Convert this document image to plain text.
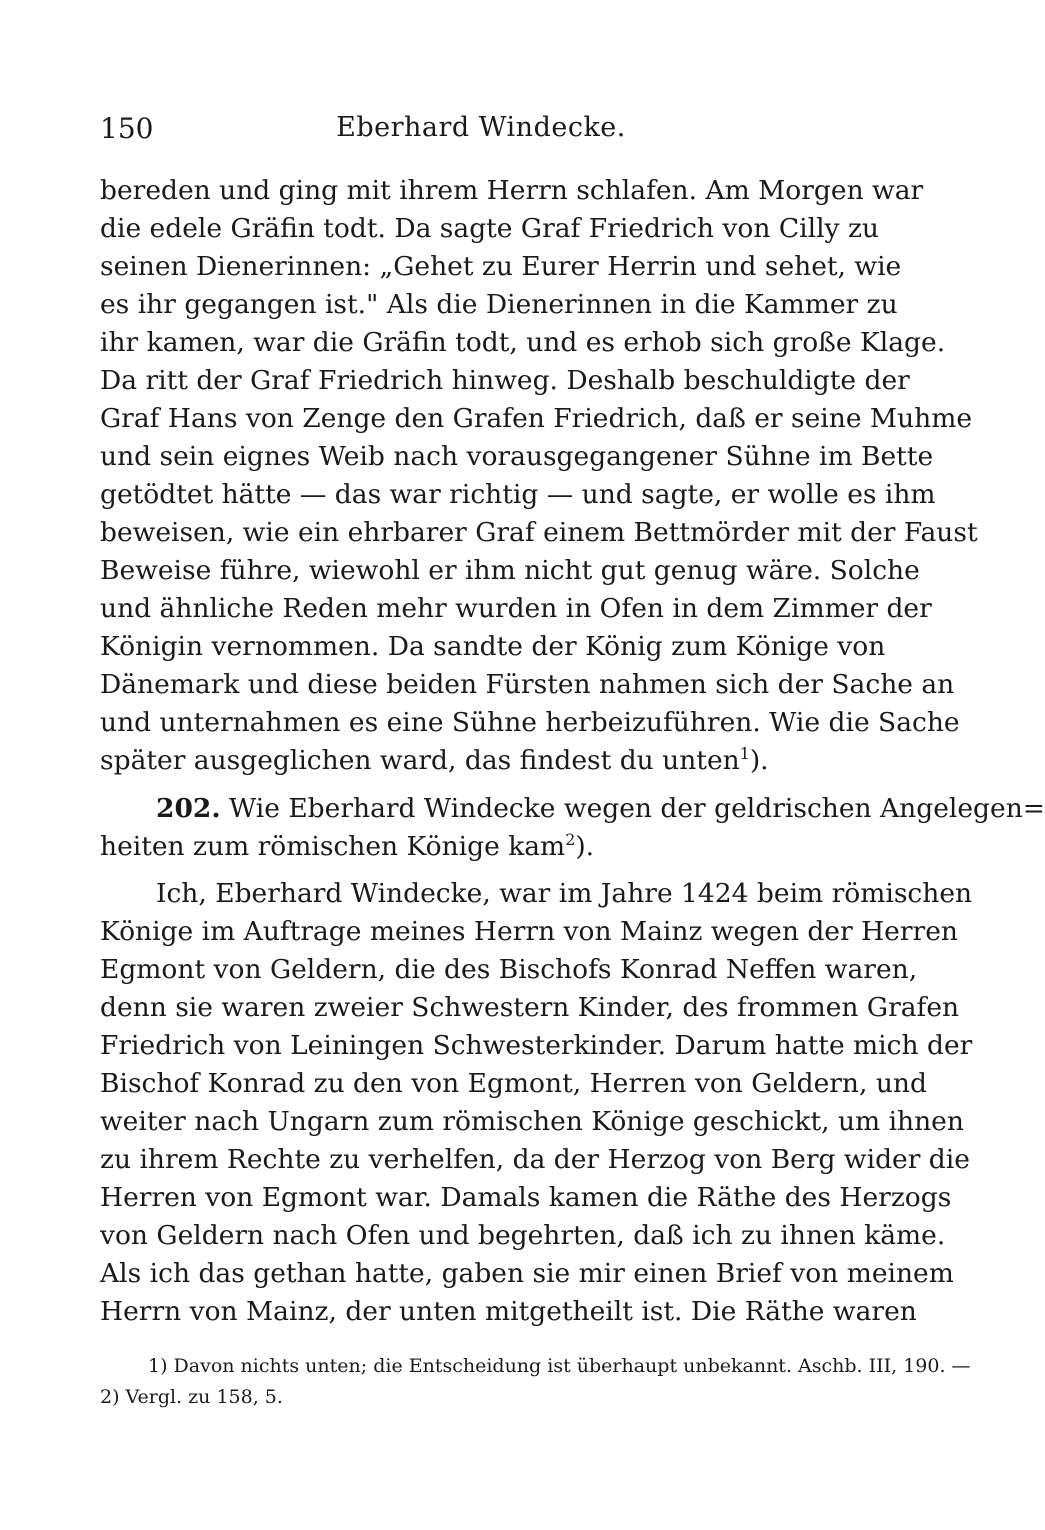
150	Eberhard Windecke.
bereden und ging mit ihrem Herrn schlafen. Am Morgen war
die edele Gräfin todt. Da sagte Graf Friedrich von Cilly zu
seinen Dienerinnen: „Gehet zu Eurer Herrin und sehet, wie
es ihr gegangen ist." Als die Dienerinnen in die Kammer zu
ihr kamen, war die Gräfin todt, und es erhob sich große Klage.
Da ritt der Graf Friedrich hinweg. Deshalb beschuldigte der
Graf Hans von Zenge den Grafen Friedrich, daß er seine Muhme
und sein eignes Weib nach vorausgegangener Sühne im Bette
getödtet hätte — das war richtig — und sagte, er wolle es ihm
beweisen, wie ein ehrbarer Graf einem Bettmörder mit der Faust
Beweise führe, wiewohl er ihm nicht gut genug wäre. Solche
und ähnliche Reden mehr wurden in Ofen in dem Zimmer der
Königin vernommen. Da sandte der König zum Könige von
Dänemark und diese beiden Fürsten nahmen sich der Sache an
und unternahmen es eine Sühne herbeizuführen. Wie die Sache
später ausgeglichen ward, das findest du unten$^1$).
202. Wie Eberhard Windecke wegen der geldrischen Angelegen=
heiten zum römischen Könige kam$^2$).
Ich, Eberhard Windecke, war im Jahre 1424 beim römischen
Könige im Auftrage meines Herrn von Mainz wegen der Herren
Egmont von Geldern, die des Bischofs Konrad Neffen waren,
denn sie waren zweier Schwestern Kinder, des frommen Grafen
Friedrich von Leiningen Schwesterkinder. Darum hatte mich der
Bischof Konrad zu den von Egmont, Herren von Geldern, und
weiter nach Ungarn zum römischen Könige geschickt, um ihnen
zu ihrem Rechte zu verhelfen, da der Herzog von Berg wider die
Herren von Egmont war. Damals kamen die Räthe des Herzogs
von Geldern nach Ofen und begehrten, daß ich zu ihnen käme.
Als ich das gethan hatte, gaben sie mir einen Brief von meinem
Herrn von Mainz, der unten mitgetheilt ist. Die Räthe waren
1) Davon nichts unten; die Entscheidung ist überhaupt unbekannt. Aschb. III, 190. —
2) Vergl. zu 158, 5.
